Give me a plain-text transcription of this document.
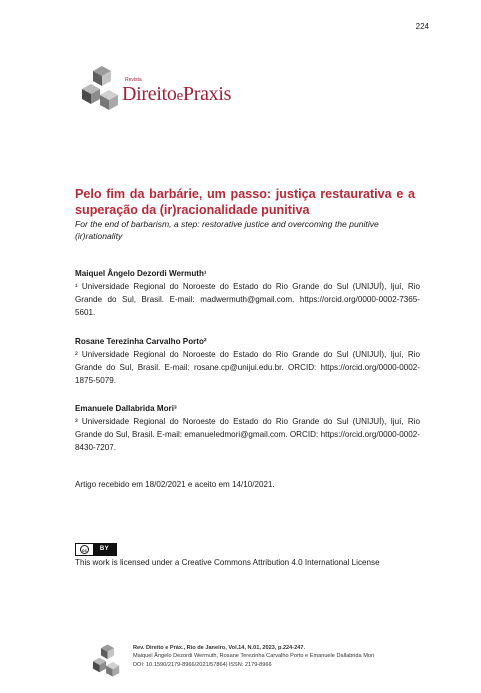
224
Revista
DireitoePraxis
Pelo fim da barbárie, um passo: justiça restaurativa e a superação da (ir)racionalidade punitiva

For the end of barbarism, a step: restorative justice and overcoming the punitive (ir)rationality

Maiquel Ângelo Dezordi Wermuth¹

¹ Universidade Regional do Noroeste do Estado do Rio Grande do Sul (UNIJUÍ), Ijuí, Rio Grande do Sul, Brasil. E-mail: madwermuth@gmail.com. https://orcid.org/0000-0002-7365-5601.

Rosane Terezinha Carvalho Porto²

² Universidade Regional do Noroeste do Estado do Rio Grande do Sul (UNIJUÍ), Ijuí, Rio Grande do Sul, Brasil. E-mail: rosane.cp@unijui.edu.br. ORCID: https://orcid.org/0000-0002-1875-5079.

Emanuele Dallabrida Mori³

³ Universidade Regional do Noroeste do Estado do Rio Grande do Sul (UNIJUÍ), Ijuí, Rio Grande do Sul, Brasil. E-mail: emanueledmori@gmail.com. ORCID: https://orcid.org/0000-0002-8430-7207.

Artigo recebido em 18/02/2021 e aceito em 14/10/2021.

cc	BY

This work is licensed under a Creative Commons Attribution 4.0 International License

Rev. Direito e Práx., Rio de Janeiro, Vol.14, N.01, 2023, p.224-247.

Maiquel Ângelo Dezordi Wermuth, Rosane Terezinha Carvalho Porto e Emanuele Dallabrida Mori

DOI: 10.1590/2179-8966/2021/57864| ISSN: 2179-8966
